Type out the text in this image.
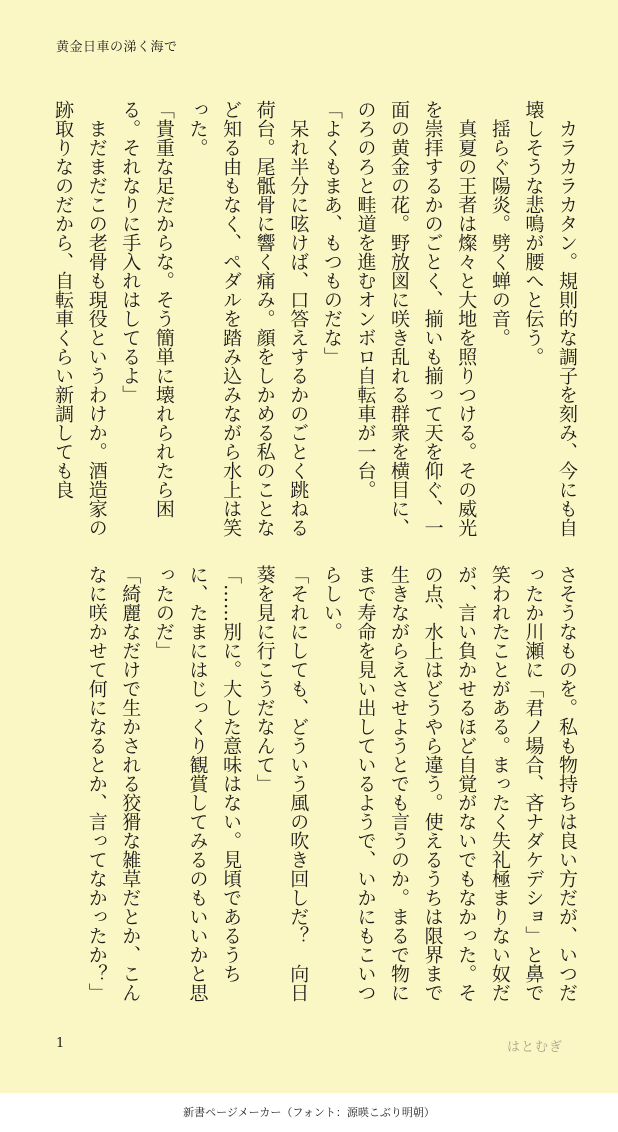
黄金日車の涕く海で

カラカラカタン。規則的な調子を刻み、今にも自壊しそうな悲鳴が腰へと伝う。

揺らぐ陽炎。劈く蝉の音。

真夏の王者は燦々と大地を照りつける。その威光を崇拝するかのごとく、揃いも揃って天を仰ぐ、一面の黄金の花。野放図に咲き乱れる群衆を横目に、のろのろと畦道を進むオンボロ自転車が一台。

「よくもまあ、もつものだな」

呆れ半分に呟けば、口答えするかのごとく跳ねる荷台。尾骶骨に響く痛み。顔をしかめる私のことなど知る由もなく、ペダルを踏み込みながら水上は笑った。

「貴重な足だからな。そう簡単に壊れられたら困る。それなりに手入れはしてるよ」

まだまだこの老骨も現役というわけか。酒造家の跡取りなのだから、自転車くらい新調しても良

さそうなものを。私も物持ちは良い方だが、いつだったか川瀬に「君ノ場合、吝ナダケデショ」と鼻で笑われたことがある。まったく失礼極まりない奴だが、言い負かせるほど自覚がないでもなかった。その点、水上はどうやら違う。使えるうちは限界まで生きながらえさせようとでも言うのか。まるで物にまで寿命を見い出しているようで、いかにもこいつらしい。

「それにしても、どういう風の吹き回しだ？　向日葵を見に行こうだなんて」

「……別に。大した意味はない。見頃であるうちに、たまにはじっくり観賞してみるのもいいかと思ったのだ」

「綺麗なだけで生かされる狡猾な雑草だとか、こんなに咲かせて何になるとか、言ってなかったか？」

1	はとむぎ
新書ページメーカー（フォント：源暎こぶり明朝）
